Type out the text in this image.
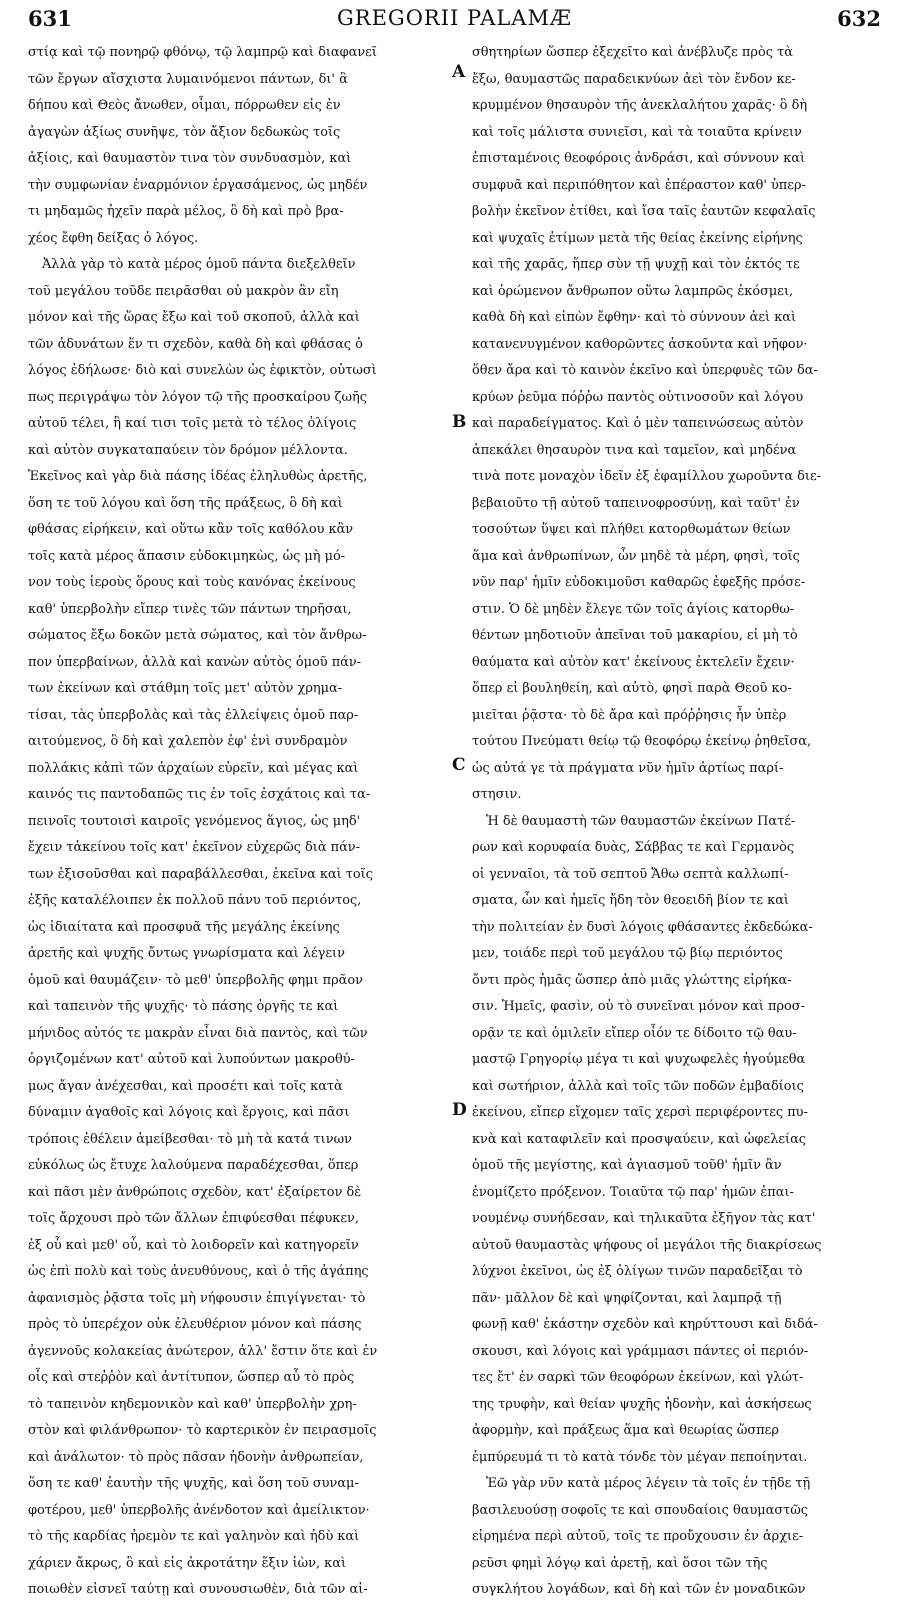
631	GREGORII PALAMÆ	632
A
B
C
D
στίᾳ καὶ τῷ πονηρῷ φθόνῳ, τῷ λαμπρῷ καὶ διαφανεῖ
τῶν ἔργων αἴσχιστα λυμαινόμενοι πάντων, δι' ἃ
δήπου καὶ Θεὸς ἄνωθεν, οἶμαι, πόρρωθεν εἰς ἐν
ἀγαγὼν ἀξίως συνῆψε, τὸν ἄξιον δεδωκὼς τοῖς
ἀξίοις, καὶ θαυμαστὸν τινα τὸν συνδυασμὸν, καὶ
τὴν συμφωνίαν ἐναρμόνιον ἐργασάμενος, ὡς μηδέν
τι μηδαμῶς ἠχεῖν παρὰ μέλος, ὃ δὴ καὶ πρὸ βρα-
χέος ἔφθη δείξας ὁ λόγος.
Ἀλλὰ γὰρ τὸ κατὰ μέρος ὁμοῦ πάντα διεξελθεῖν
τοῦ μεγάλου τοῦδε πειρᾶσθαι οὐ μακρὸν ἂν εἴη
μόνον καὶ τῆς ὥρας ἔξω καὶ τοῦ σκοποῦ, ἀλλὰ καὶ
τῶν ἀδυνάτων ἕν τι σχεδὸν, καθὰ δὴ καὶ φθάσας ὁ
λόγος ἐδήλωσε· διὸ καὶ συνελὼν ὡς ἐφικτὸν, οὑτωσὶ
πως περιγράψω τὸν λόγον τῷ τῆς προσκαίρου ζωῆς
αὐτοῦ τέλει, ἢ καί τισι τοῖς μετὰ τὸ τέλος ὀλίγοις
καὶ αὐτὸν συγκαταπαύειν τὸν δρόμον μέλλοντα.
Ἐκεῖνος καὶ γὰρ διὰ πάσης ἰδέας ἐληλυθὼς ἀρετῆς,
ὅση τε τοῦ λόγου καὶ ὅση τῆς πράξεως, ὃ δὴ καὶ
φθάσας εἰρήκειν, καὶ οὕτω κἂν τοῖς καθόλου κἂν
τοῖς κατὰ μέρος ἅπασιν εὐδοκιμηκὼς, ὡς μὴ μό-
νον τοὺς ἱεροὺς ὅρους καὶ τοὺς κανόνας ἐκείνους
καθ' ὑπερβολὴν εἴπερ τινὲς τῶν πάντων τηρῆσαι,
σώματος ἔξω δοκῶν μετὰ σώματος, καὶ τὸν ἄνθρω-
πον ὑπερβαίνων, ἀλλὰ καὶ κανὼν αὐτὸς ὁμοῦ πάν-
των ἐκείνων καὶ στάθμη τοῖς μετ' αὐτὸν χρημα-
τίσαι, τὰς ὑπερβολὰς καὶ τὰς ἐλλείψεις ὁμοῦ παρ-
αιτούμενος, ὃ δὴ καὶ χαλεπὸν ἐφ' ἑνὶ συνδραμὸν
πολλάκις κἀπὶ τῶν ἀρχαίων εὑρεῖν, καὶ μέγας καὶ
καινός τις παντοδαπῶς τις ἐν τοῖς ἐσχάτοις καὶ τα-
πεινοῖς τουτοισὶ καιροῖς γενόμενος ἅγιος, ὡς μηδ'
ἔχειν τἀκείνου τοῖς κατ' ἐκεῖνον εὐχερῶς διὰ πάν-
των ἐξισοῦσθαι καὶ παραβάλλεσθαι, ἐκεῖνα καὶ τοῖς
ἑξῆς καταλέλοιπεν ἐκ πολλοῦ πάνυ τοῦ περιόντος,
ὡς ἰδιαίτατα καὶ προσφυᾶ τῆς μεγάλης ἐκείνης
ἀρετῆς καὶ ψυχῆς ὄντως γνωρίσματα καὶ λέγειν
ὁμοῦ καὶ θαυμάζειν· τὸ μεθ' ὑπερβολῆς φημι πρᾶον
καὶ ταπεινὸν τῆς ψυχῆς· τὸ πάσης ὀργῆς τε καὶ
μήνιδος αὐτός τε μακρὰν εἶναι διὰ παντὸς, καὶ τῶν
ὀργιζομένων κατ' αὐτοῦ καὶ λυπούντων μακροθύ-
μως ἄγαν ἀνέχεσθαι, καὶ προσέτι καὶ τοῖς κατὰ
δύναμιν ἀγαθοῖς καὶ λόγοις καὶ ἔργοις, καὶ πᾶσι
τρόποις ἐθέλειν ἀμείβεσθαι· τὸ μὴ τὰ κατά τινων
εὐκόλως ὡς ἔτυχε λαλούμενα παραδέχεσθαι, ὅπερ
καὶ πᾶσι μὲν ἀνθρώποις σχεδὸν, κατ' ἐξαίρετον δὲ
τοῖς ἄρχουσι πρὸ τῶν ἄλλων ἐπιφύεσθαι πέφυκεν,
ἐξ οὗ καὶ μεθ' οὗ, καὶ τὸ λοιδορεῖν καὶ κατηγορεῖν
ὡς ἐπὶ πολὺ καὶ τοὺς ἀνευθύνους, καὶ ὁ τῆς ἀγάπης
ἀφανισμὸς ῥᾷστα τοῖς μὴ νήφουσιν ἐπιγίγνεται· τὸ
πρὸς τὸ ὑπερέχον οὐκ ἐλευθέριον μόνον καὶ πάσης
ἀγεννοῦς κολακείας ἀνώτερον, ἀλλ' ἔστιν ὅτε καὶ ἐν
οἷς καὶ στεῤῥὸν καὶ ἀντίτυπον, ὥσπερ αὖ τὸ πρὸς
τὸ ταπεινὸν κηδεμονικὸν καὶ καθ' ὑπερβολὴν χρη-
στὸν καὶ φιλάνθρωπον· τὸ καρτερικὸν ἐν πειρασμοῖς
καὶ ἀνάλωτον· τὸ πρὸς πᾶσαν ἡδονὴν ἀνθρωπείαν,
ὅση τε καθ' ἑαυτὴν τῆς ψυχῆς, καὶ ὅση τοῦ συναμ-
φοτέρου, μεθ' ὑπερβολῆς ἀνένδοτον καὶ ἀμείλικτον·
τὸ τῆς καρδίας ἠρεμὸν τε καὶ γαληνὸν καὶ ἡδὺ καὶ
χάριεν ἄκρως, ὃ καὶ εἰς ἀκροτάτην ἕξιν ἰὼν, καὶ
ποιωθὲν εἰσνεῖ ταύτῃ καὶ συνουσιωθὲν, διὰ τῶν αἰ-
σθητηρίων ὥσπερ ἐξεχεῖτο καὶ ἀνέβλυζε πρὸς τὰ
ἔξω, θαυμαστῶς παραδεικνύων ἀεὶ τὸν ἔνδον κε-
κρυμμένον θησαυρὸν τῆς ἀνεκλαλήτου χαρᾶς· ὃ δὴ
καὶ τοῖς μάλιστα συνιεῖσι, καὶ τὰ τοιαῦτα κρίνειν
ἐπισταμένοις θεοφόροις ἀνδράσι, καὶ σύννουν καὶ
συμφυᾶ καὶ περιπόθητον καὶ ἐπέραστον καθ' ὑπερ-
βολὴν ἐκεῖνον ἐτίθει, καὶ ἴσα ταῖς ἑαυτῶν κεφαλαῖς
καὶ ψυχαῖς ἐτίμων μετὰ τῆς θείας ἐκείνης εἰρήνης
καὶ τῆς χαρᾶς, ἥπερ σὺν τῇ ψυχῇ καὶ τὸν ἐκτός τε
καὶ ὁρώμενον ἄνθρωπον οὕτω λαμπρῶς ἐκόσμει,
καθὰ δὴ καὶ εἰπὼν ἔφθην· καὶ τὸ σύννουν ἀεὶ καὶ
κατανενυγμένον καθορῶντες ἀσκοῦντα καὶ νῆφον·
ὅθεν ἄρα καὶ τὸ καινὸν ἐκεῖνο καὶ ὑπερφυὲς τῶν δα-
κρύων ῥεῦμα πόῤῥω παντὸς οὑτινοσοῦν καὶ λόγου
καὶ παραδείγματος. Καὶ ὁ μὲν ταπεινώσεως αὐτὸν
ἀπεκάλει θησαυρὸν τινα καὶ ταμεῖον, καὶ μηδένα
τινὰ ποτε μοναχὸν ἰδεῖν ἐξ ἐφαμίλλου χωροῦντα διε-
βεβαιοῦτο τῇ αὐτοῦ ταπεινοφροσύνῃ, καὶ ταῦτ' ἐν
τοσούτων ὕψει καὶ πλήθει κατορθωμάτων θείων
ἅμα καὶ ἀνθρωπίνων, ὧν μηδὲ τὰ μέρη, φησὶ, τοῖς
νῦν παρ' ἡμῖν εὐδοκιμοῦσι καθαρῶς ἐφεξῆς πρόσε-
στιν. Ὁ δὲ μηδὲν ἔλεγε τῶν τοῖς ἁγίοις κατορθω-
θέντων μηδοτιοῦν ἀπεῖναι τοῦ μακαρίου, εἰ μὴ τὸ
θαύματα καὶ αὐτὸν κατ' ἐκείνους ἐκτελεῖν ἔχειν·
ὅπερ εἰ βουληθείη, καὶ αὐτὸ, φησὶ παρὰ Θεοῦ κο-
μιεῖται ῥᾷστα· τὸ δὲ ἄρα καὶ πρόῤῥησις ἦν ὑπὲρ
τούτου Πνεύματι θείῳ τῷ θεοφόρῳ ἐκείνῳ ῥηθεῖσα,
ὡς αὐτά γε τὰ πράγματα νῦν ἡμῖν ἀρτίως παρί-
στησιν.
Ἡ δὲ θαυμαστὴ τῶν θαυμαστῶν ἐκείνων Πατέ-
ρων καὶ κορυφαία δυὰς, Σάββας τε καὶ Γερμανὸς
οἱ γενναῖοι, τὰ τοῦ σεπτοῦ Ἄθω σεπτὰ καλλωπί-
σματα, ὧν καὶ ἡμεῖς ἤδη τὸν θεοειδῆ βίον τε καὶ
τὴν πολιτείαν ἐν δυσὶ λόγοις φθάσαντες ἐκδεδώκα-
μεν, τοιάδε περὶ τοῦ μεγάλου τῷ βίῳ περιόντος
ὄντι πρὸς ἡμᾶς ὥσπερ ἀπὸ μιᾶς γλώττης εἰρήκα-
σιν. Ἡμεῖς, φασὶν, οὐ τὸ συνεῖναι μόνον καὶ προσ-
ορᾷν τε καὶ ὁμιλεῖν εἴπερ οἷόν τε δίδοιτο τῷ θαυ-
μαστῷ Γρηγορίῳ μέγα τι καὶ ψυχωφελὲς ἡγούμεθα
καὶ σωτήριον, ἀλλὰ καὶ τοῖς τῶν ποδῶν ἐμβαδίοις
ἐκείνου, εἴπερ εἴχομεν ταῖς χερσὶ περιφέροντες πυ-
κνὰ καὶ καταφιλεῖν καὶ προσψαύειν, καὶ ὠφελείας
ὁμοῦ τῆς μεγίστης, καὶ ἁγιασμοῦ τοῦθ' ἡμῖν ἂν
ἐνομίζετο πρόξενον. Τοιαῦτα τῷ παρ' ἡμῶν ἐπαι-
νουμένῳ συνήδεσαν, καὶ τηλικαῦτα ἐξῆγον τὰς κατ'
αὐτοῦ θαυμαστὰς ψήφους οἱ μεγάλοι τῆς διακρίσεως
λύχνοι ἐκεῖνοι, ὡς ἐξ ὀλίγων τινῶν παραδεῖξαι τὸ
πᾶν· μᾶλλον δὲ καὶ ψηφίζονται, καὶ λαμπρᾷ τῇ
φωνῇ καθ' ἑκάστην σχεδὸν καὶ κηρύττουσι καὶ διδά-
σκουσι, καὶ λόγοις καὶ γράμμασι πάντες οἱ περιόν-
τες ἔτ' ἐν σαρκὶ τῶν θεοφόρων ἐκείνων, καὶ γλώτ-
της τρυφὴν, καὶ θείαν ψυχῆς ἡδονὴν, καὶ ἀσκήσεως
ἀφορμὴν, καὶ πράξεως ἅμα καὶ θεωρίας ὥσπερ
ἐμπύρευμά τι τὸ κατὰ τόνδε τὸν μέγαν πεποίηνται.
Ἐῶ γὰρ νῦν κατὰ μέρος λέγειν τὰ τοῖς ἐν τῇδε τῇ
βασιλευούσῃ σοφοῖς τε καὶ σπουδαίοις θαυμαστῶς
εἰρημένα περὶ αὐτοῦ, τοῖς τε προὔχουσιν ἐν ἀρχιε-
ρεῦσι φημὶ λόγῳ καὶ ἀρετῇ, καὶ ὅσοι τῶν τῆς
συγκλήτου λογάδων, καὶ δὴ καὶ τῶν ἐν μοναδικῶν
